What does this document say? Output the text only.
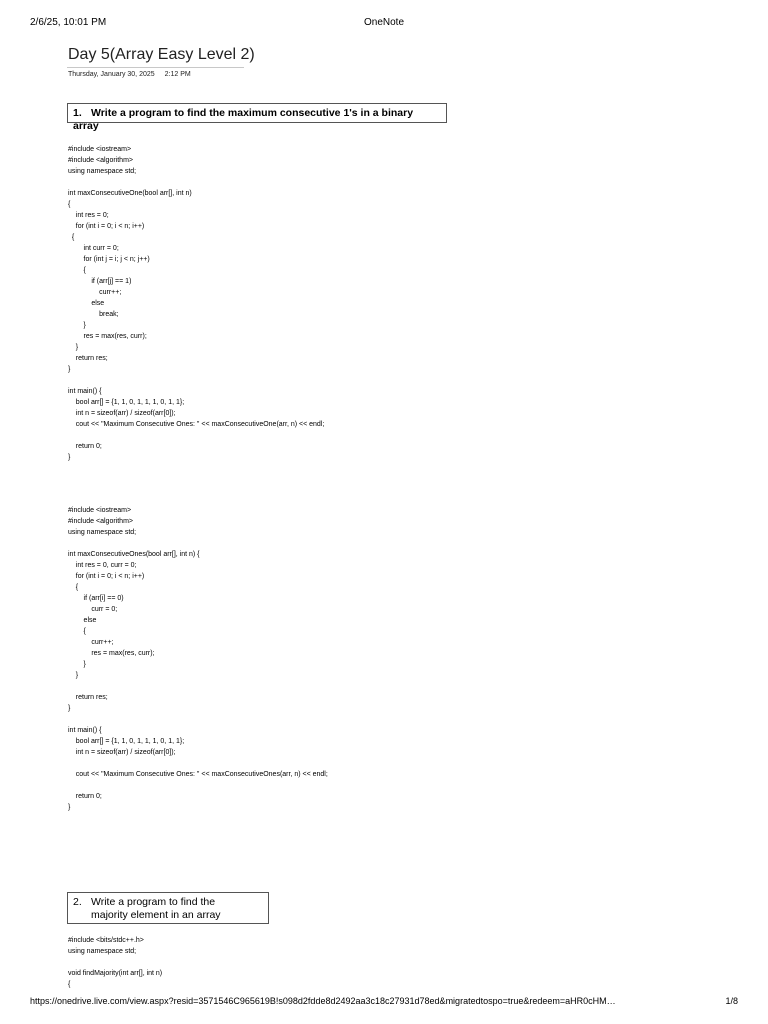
2/6/25, 10:01 PM	OneNote
Day 5(Array Easy Level 2)
Thursday, January 30, 2025 2:12 PM
1. Write a program to find the maximum consecutive 1's in a binary array
#include <iostream>
#include <algorithm>
using namespace std;

int maxConsecutiveOne(bool arr[], int n)
{
int res = 0;
for (int i = 0; i < n; i++)
{
int curr = 0;
for (int j = i; j < n; j++)
{
if (arr[j] == 1)
curr++;
else
break;
}
res = max(res, curr);
}
return res;
}

int main() {
bool arr[] = {1, 1, 0, 1, 1, 1, 0, 1, 1};
int n = sizeof(arr) / sizeof(arr[0]);
cout << "Maximum Consecutive Ones: " << maxConsecutiveOne(arr, n) << endl;

return 0;
}
#include <iostream>
#include <algorithm>
using namespace std;

int maxConsecutiveOnes(bool arr[], int n) {
int res = 0, curr = 0;
for (int i = 0; i < n; i++)
{
if (arr[i] == 0)
curr = 0;
else
{
curr++;
res = max(res, curr);
}
}

return res;
}

int main() {
bool arr[] = {1, 1, 0, 1, 1, 1, 0, 1, 1};
int n = sizeof(arr) / sizeof(arr[0]);

cout << "Maximum Consecutive Ones: " << maxConsecutiveOnes(arr, n) << endl;

return 0;
}
2. Write a program to find the
majority element in an array
#include <bits/stdc++.h>
using namespace std;

void findMajority(int arr[], int n)
{
https://onedrive.live.com/view.aspx?resid=3571546C965619B!s098d2fdde8d2492aa3c18c27931d78ed&migratedtospo=true&redeem=aHR0cHM…	1/8
